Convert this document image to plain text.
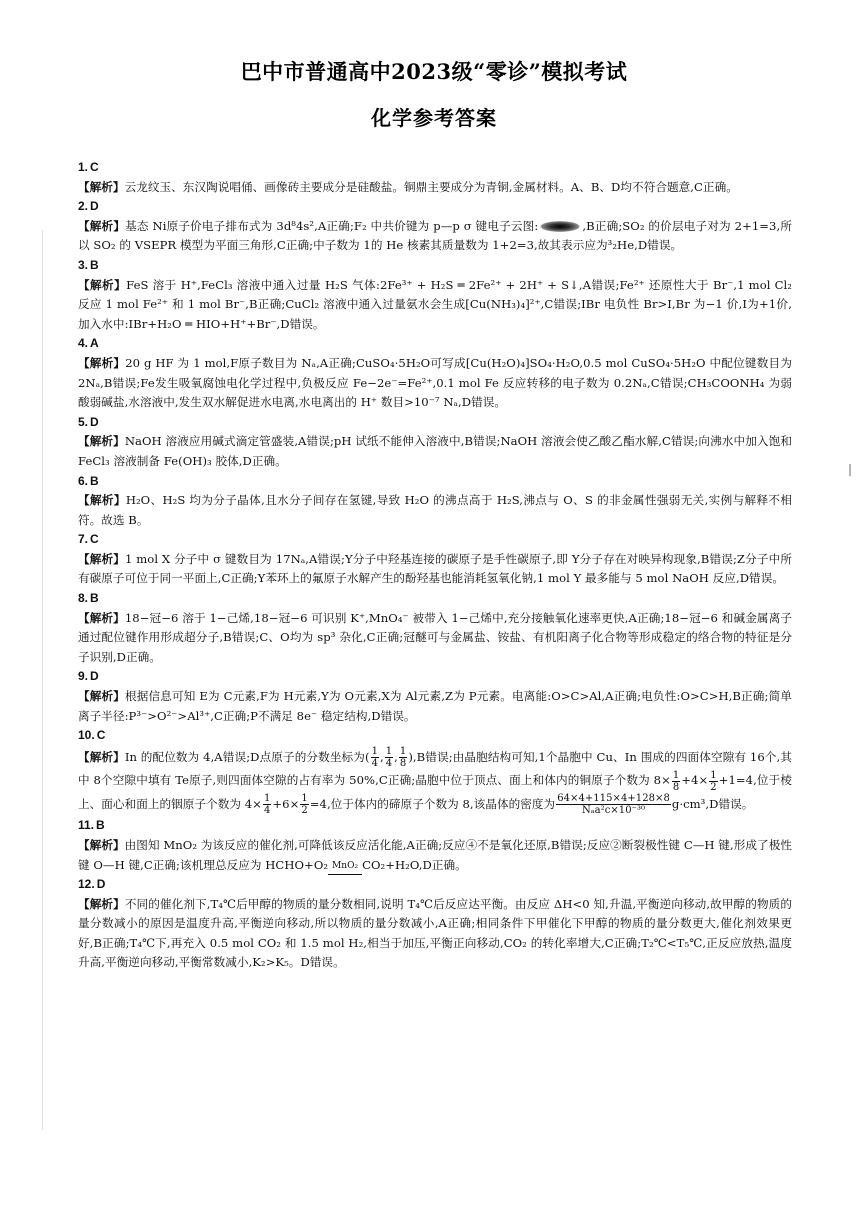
巴中市普通高中2023级“零诊”模拟考试
化学参考答案
1. C
【解析】云龙纹玉、东汉陶说唱俑、画像砖主要成分是硅酸盐。铜鼎主要成分为青铜,金属材料。A、B、D均不符合题意,C正确。
2. D
【解析】基态 Ni原子价电子排布式为 3d⁸4s²,A正确;F₂ 中共价键为 p—p σ 键电子云图:	,B正确;SO₂ 的价层电子对为 2+1=3,所以 SO₂ 的 VSEPR 模型为平面三角形,C正确;中子数为 1的 He 核素其质量数为 1+2=3,故其表示应为³₂He,D错误。
3. B
【解析】FeS 溶于 H⁺,FeCl₃ 溶液中通入过量 H₂S 气体:2Fe³⁺ + H₂S ═ 2Fe²⁺ + 2H⁺ + S↓,A错误;Fe²⁺ 还原性大于 Br⁻,1 mol Cl₂ 反应 1 mol Fe²⁺ 和 1 mol Br⁻,B正确;CuCl₂ 溶液中通入过量氨水会生成[Cu(NH₃)₄]²⁺,C错误;IBr 电负性 Br>I,Br 为−1 价,I为+1价,加入水中:IBr+H₂O ═ HIO+H⁺+Br⁻,D错误。
4. A
【解析】20 g HF 为 1 mol,F原子数目为 Nₐ,A正确;CuSO₄·5H₂O可写成[Cu(H₂O)₄]SO₄·H₂O,0.5 mol CuSO₄·5H₂O 中配位键数目为 2Nₐ,B错误;Fe发生吸氧腐蚀电化学过程中,负极反应 Fe−2e⁻=Fe²⁺,0.1 mol Fe 反应转移的电子数为 0.2Nₐ,C错误;CH₃COONH₄ 为弱酸弱碱盐,水溶液中,发生双水解促进水电离,水电离出的 H⁺ 数目>10⁻⁷ Nₐ,D错误。
5. D
【解析】NaOH 溶液应用碱式滴定管盛装,A错误;pH 试纸不能伸入溶液中,B错误;NaOH 溶液会使乙酸乙酯水解,C错误;向沸水中加入饱和 FeCl₃ 溶液制备 Fe(OH)₃ 胶体,D正确。
6. B
【解析】H₂O、H₂S 均为分子晶体,且水分子间存在氢键,导致 H₂O 的沸点高于 H₂S,沸点与 O、S 的非金属性强弱无关,实例与解释不相符。故选 B。
7. C
【解析】1 mol X 分子中 σ 键数目为 17Nₐ,A错误;Y分子中羟基连接的碳原子是手性碳原子,即 Y分子存在对映异构现象,B错误;Z分子中所有碳原子可位于同一平面上,C正确;Y苯环上的氟原子水解产生的酚羟基也能消耗氢氧化钠,1 mol Y 最多能与 5 mol NaOH 反应,D错误。
8. B
【解析】18−冠−6 溶于 1−己烯,18−冠−6 可识别 K⁺,MnO₄⁻ 被带入 1−己烯中,充分接触氧化速率更快,A正确;18−冠−6 和碱金属离子通过配位键作用形成超分子,B错误;C、O均为 sp³ 杂化,C正确;冠醚可与金属盐、铵盐、有机阳离子化合物等形成稳定的络合物的特征是分子识别,D正确。
9. D
【解析】根据信息可知 E为 C元素,F为 H元素,Y为 O元素,X为 Al元素,Z为 P元素。电离能:O>C>Al,A正确;电负性:O>C>H,B正确;简单离子半径:P³⁻>O²⁻>Al³⁺,C正确;P不满足 8e⁻ 稳定结构,D错误。
10. C
【解析】In 的配位数为 4,A错误;D点原子的分数坐标为( $\frac{1}{4}$ , $\frac{1}{4}$ , $\frac{1}{8} ),B$错误;由晶胞结构可知,1个晶胞中 Cu、In 围成的四面体空隙有 16个,其中 8个空隙中填有 Te原子,则四面体空隙的占有率为 50%,C正确;晶胞中位于顶点、面上和体内的铜原子个数为 $8\times \frac{1}{8} +4\times \frac{1}{2} +1=4$,位于棱上、面心和面上的铟原子个数为 $4\times \frac{1}{4} +6\times \frac{1}{2} =4$,位于体内的碲原子个数为 8,该晶体的密度为 $\frac{64\times 4+115\times 4+128\times 8}{\text{Nₐa²c×10⁻³⁰}} g\cdot cm^3,D$错误。
11. B
【解析】由图知 MnO₂ 为该反应的催化剂,可降低该反应活化能,A正确;反应④不是氧化还原,B错误;反应②断裂极性键 C—H 键,形成了极性键 O—H 键,C正确;该机理总反应为 HCHO+O₂ MnO₂ CO₂+H₂O,D正确。
12. D
【解析】不同的催化剂下,T₄℃后甲醇的物质的量分数相同,说明 T₄℃后反应达平衡。由反应 ΔH<0 知,升温,平衡逆向移动,故甲醇的物质的量分数减小的原因是温度升高,平衡逆向移动,所以物质的量分数减小,A正确;相同条件下甲催化下甲醇的物质的量分数更大,催化剂效果更好,B正确;T₄℃下,再充入 0.5 mol CO₂ 和 1.5 mol H₂,相当于加压,平衡正向移动,CO₂ 的转化率增大,C正确;T₂℃<T₅℃,正反应放热,温度升高,平衡逆向移动,平衡常数减小,K₂>K₅。D错误。
|
